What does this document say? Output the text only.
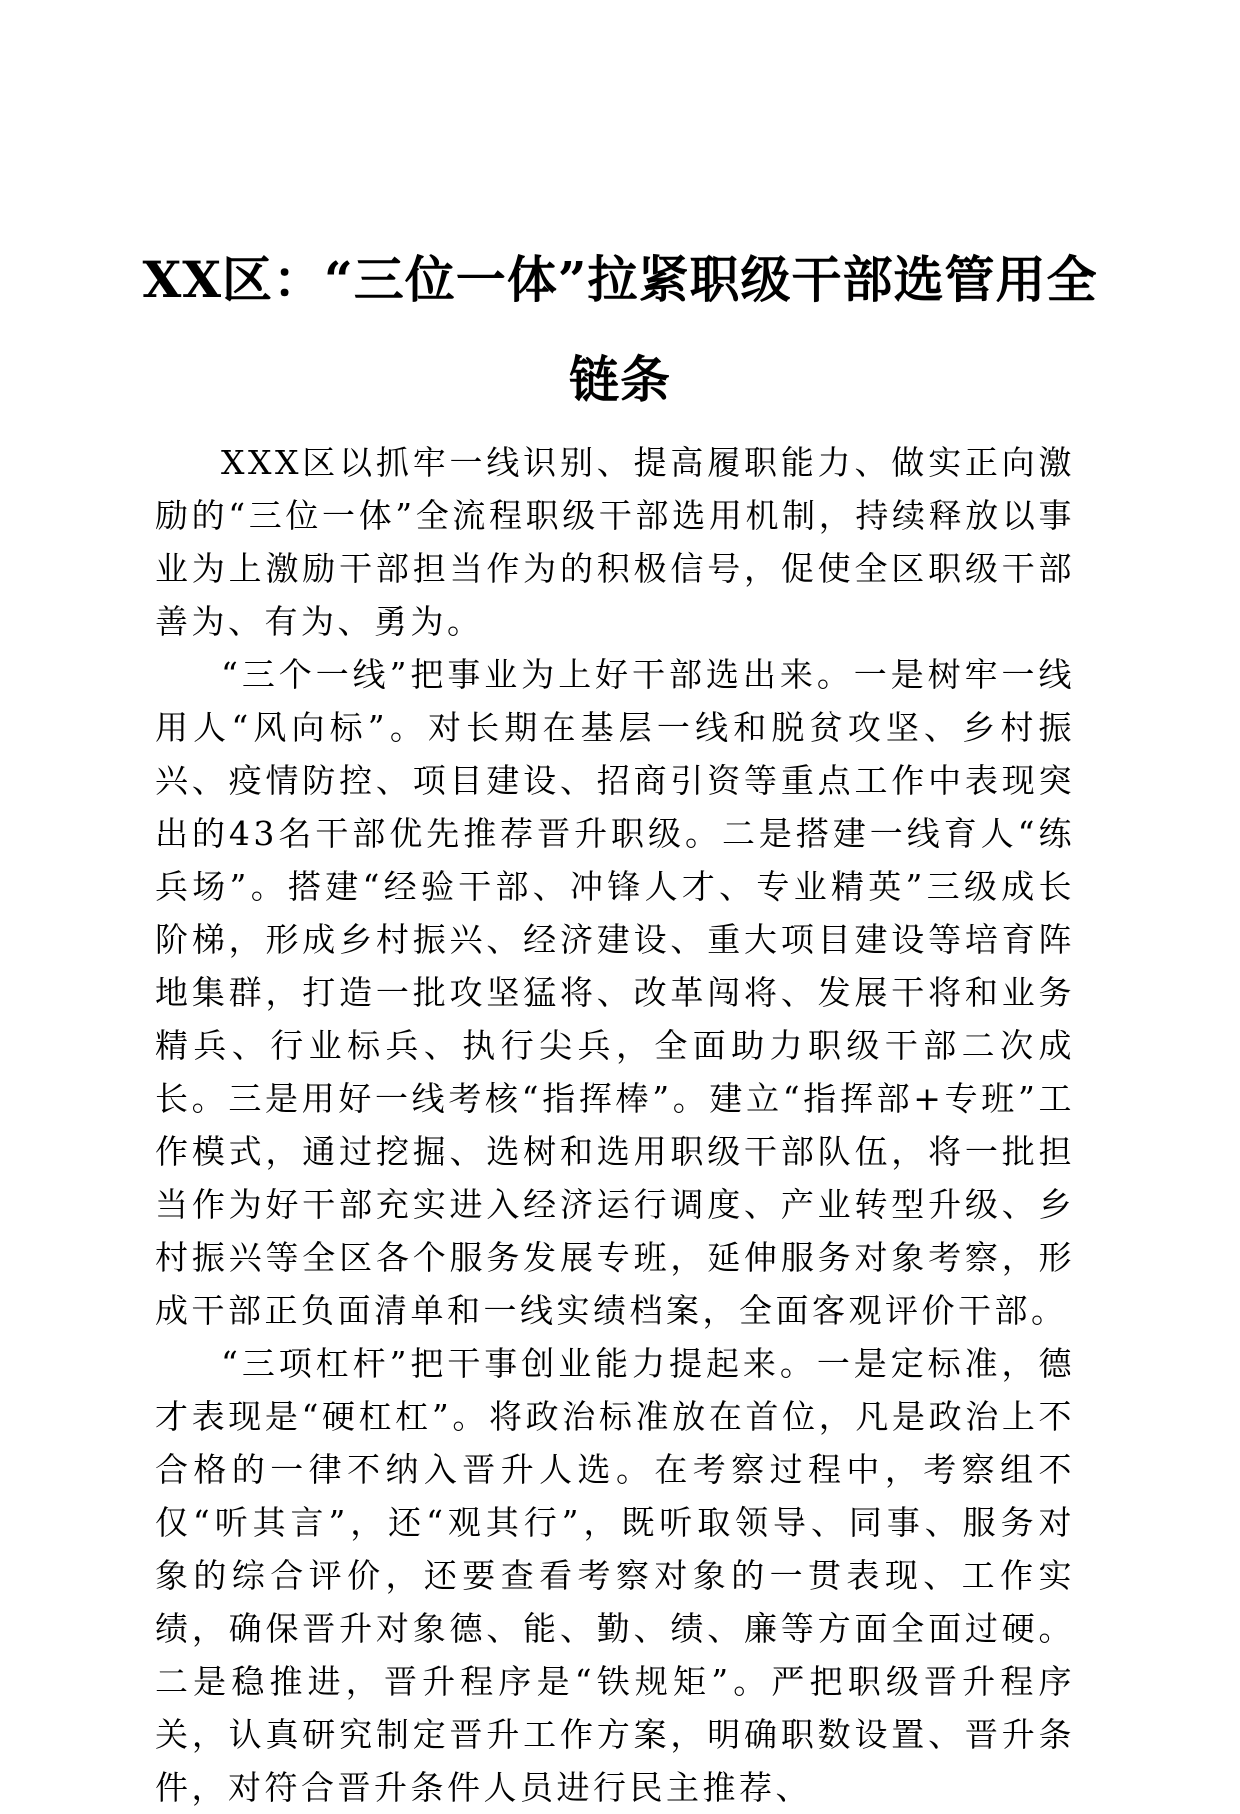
XX区：“三位一体”拉紧职级干部选管用全
链条

XXX区以抓牢一线识别、提高履职能力、做实正向激励的“三位一体”全流程职级干部选用机制，持续释放以事业为上激励干部担当作为的积极信号，促使全区职级干部善为、有为、勇为。

“三个一线”把事业为上好干部选出来。一是树牢一线用人“风向标”。对长期在基层一线和脱贫攻坚、乡村振兴、疫情防控、项目建设、招商引资等重点工作中表现突出的43名干部优先推荐晋升职级。二是搭建一线育人“练兵场”。搭建“经验干部、冲锋人才、专业精英”三级成长阶梯，形成乡村振兴、经济建设、重大项目建设等培育阵地集群，打造一批攻坚猛将、改革闯将、发展干将和业务精兵、行业标兵、执行尖兵，全面助力职级干部二次成长。三是用好一线考核“指挥棒”。建立“指挥部+专班”工作模式，通过挖掘、选树和选用职级干部队伍，将一批担当作为好干部充实进入经济运行调度、产业转型升级、乡村振兴等全区各个服务发展专班，延伸服务对象考察，形成干部正负面清单和一线实绩档案，全面客观评价干部。

“三项杠杆”把干事创业能力提起来。一是定标准，德才表现是“硬杠杠”。将政治标准放在首位，凡是政治上不合格的一律不纳入晋升人选。在考察过程中，考察组不仅“听其言”，还“观其行”，既听取领导、同事、服务对象的综合评价，还要查看考察对象的一贯表现、工作实绩，确保晋升对象德、能、勤、绩、廉等方面全面过硬。二是稳推进，晋升程序是“铁规矩”。严把职级晋升程序关，认真研究制定晋升工作方案，明确职数设置、晋升条件，对符合晋升条件人员进行民主推荐、
